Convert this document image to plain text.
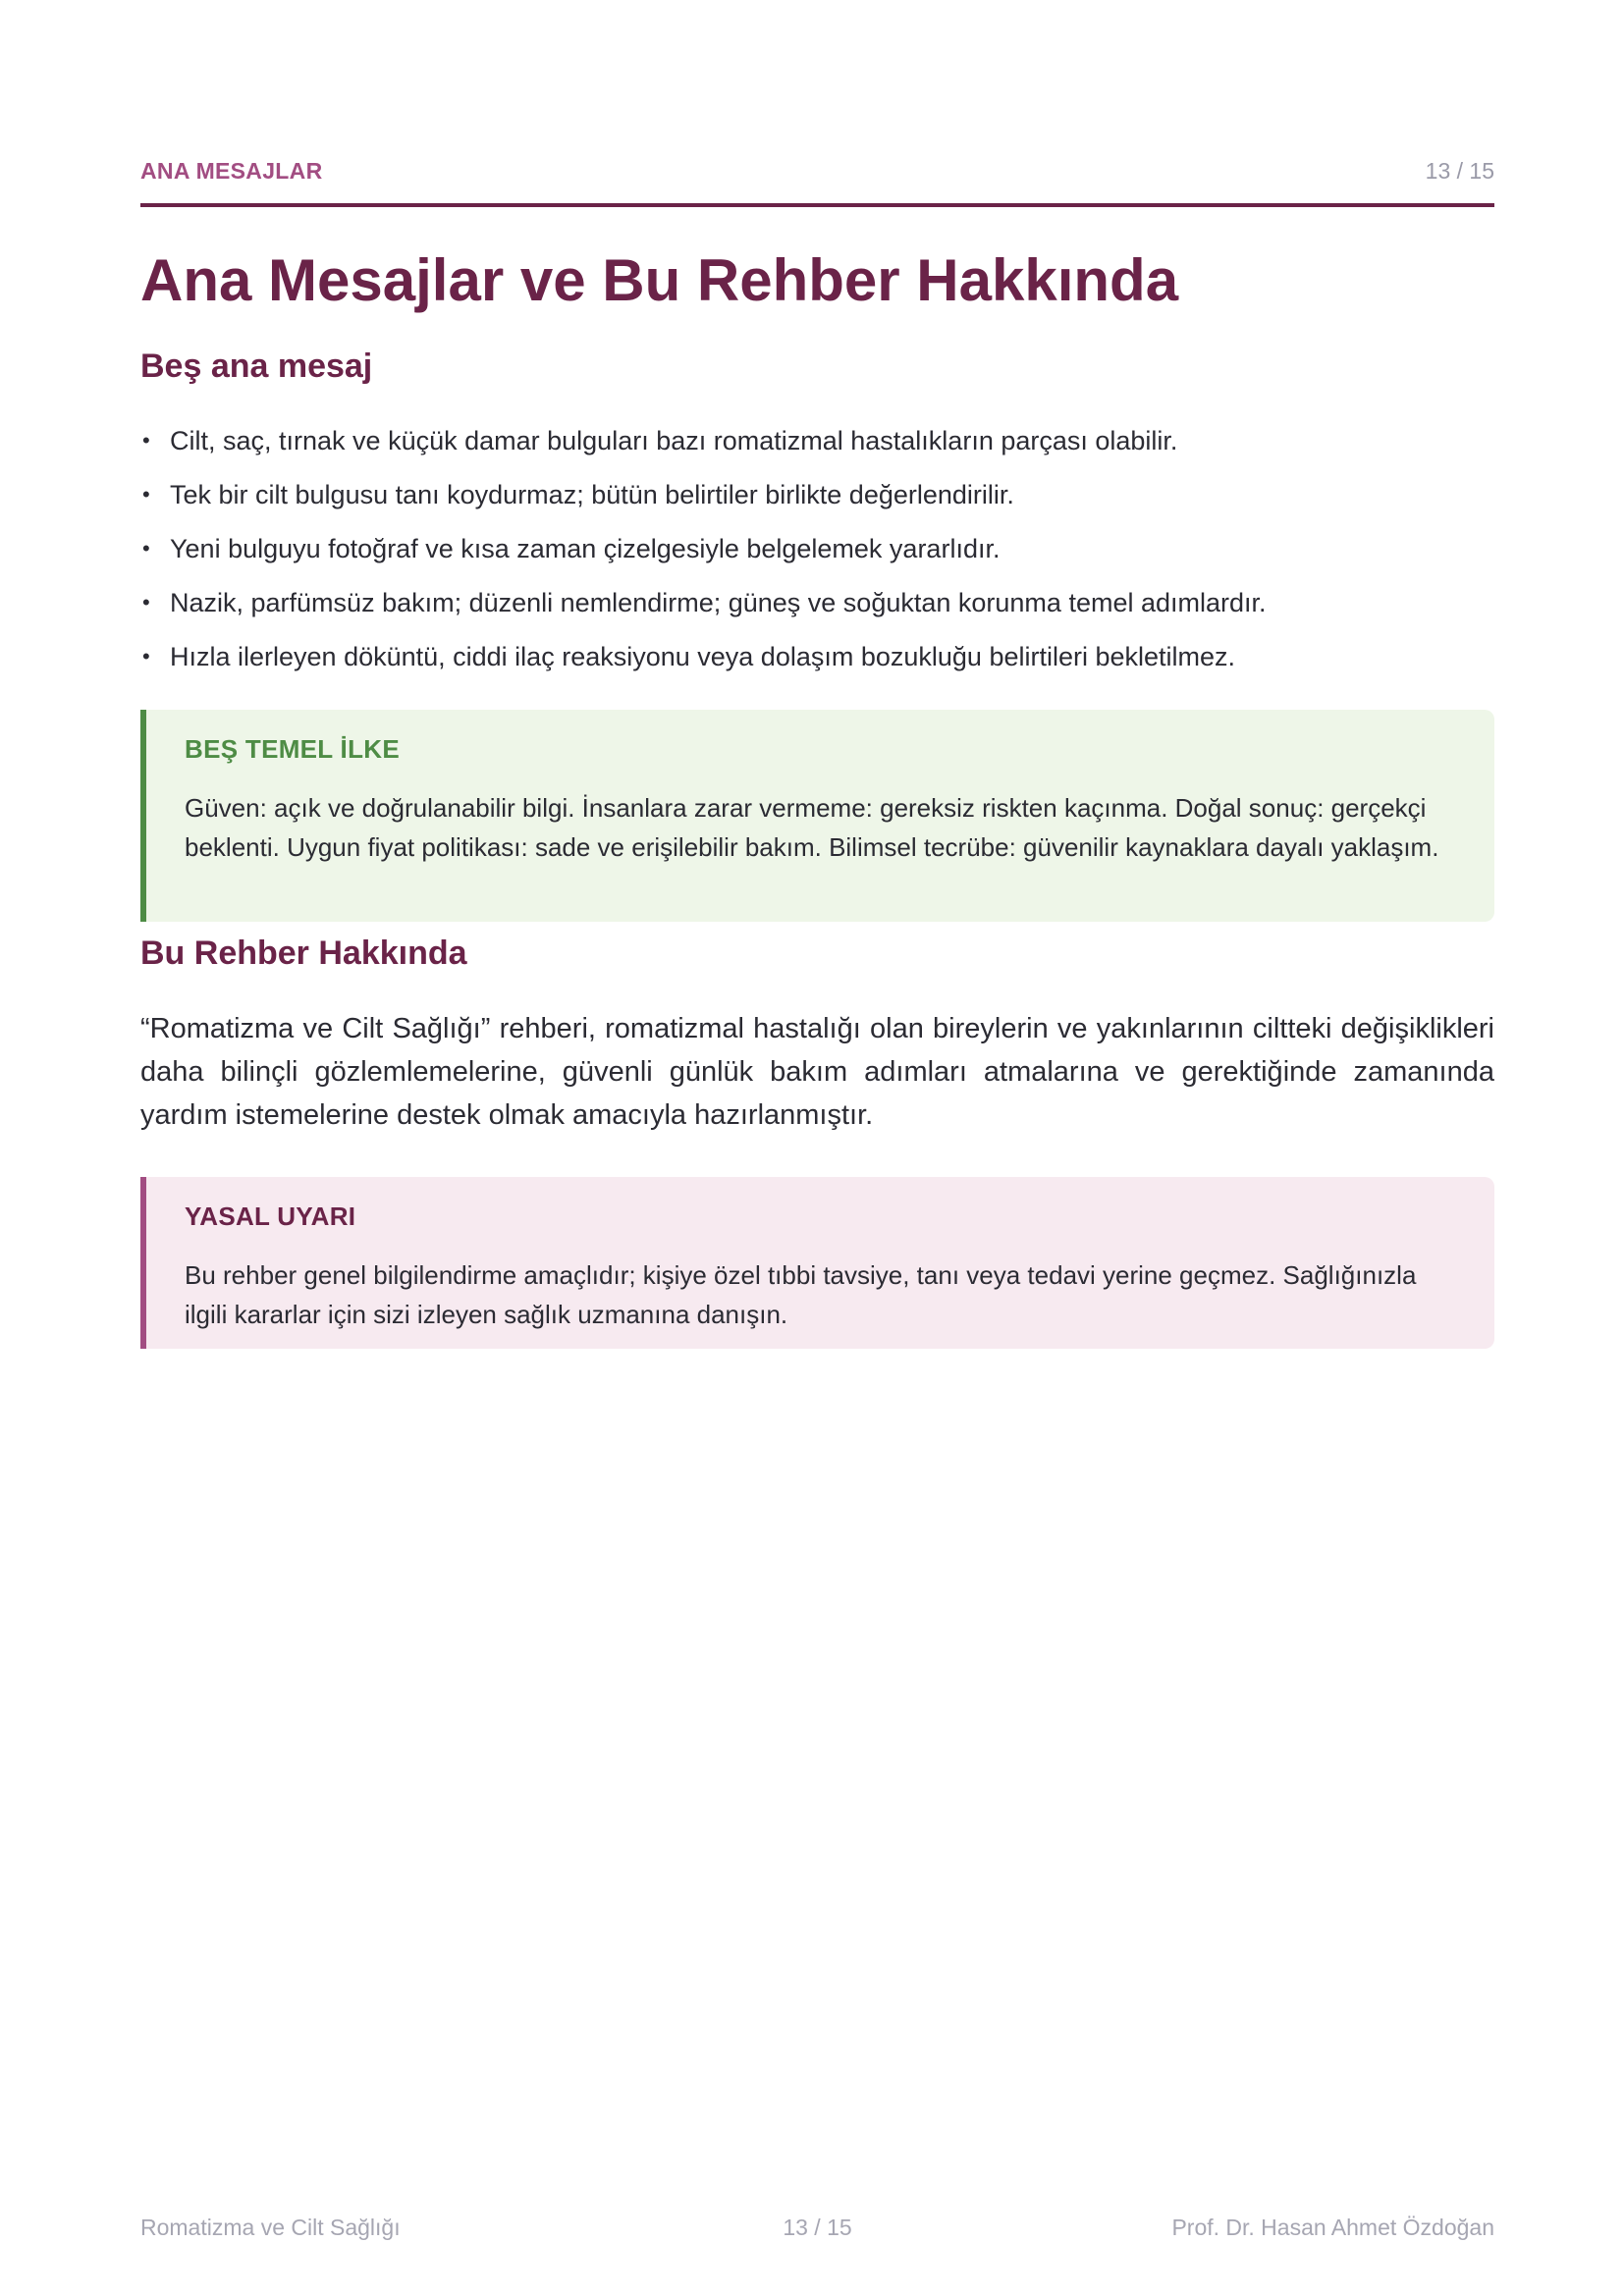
ANA MESAJLAR	13 / 15
Ana Mesajlar ve Bu Rehber Hakkında
Beş ana mesaj
• Cilt, saç, tırnak ve küçük damar bulguları bazı romatizmal hastalıkların parçası olabilir.
• Tek bir cilt bulgusu tanı koydurmaz; bütün belirtiler birlikte değerlendirilir.
• Yeni bulguyu fotoğraf ve kısa zaman çizelgesiyle belgelemek yararlıdır.
• Nazik, parfümsüz bakım; düzenli nemlendirme; güneş ve soğuktan korunma temel adımlardır.
• Hızla ilerleyen döküntü, ciddi ilaç reaksiyonu veya dolaşım bozukluğu belirtileri bekletilmez.
BEŞ TEMEL İLKE
Güven: açık ve doğrulanabilir bilgi. İnsanlara zarar vermeme: gereksiz riskten kaçınma. Doğal sonuç: gerçekçi beklenti. Uygun fiyat politikası: sade ve erişilebilir bakım. Bilimsel tecrübe: güvenilir kaynaklara dayalı yaklaşım.
Bu Rehber Hakkında

“Romatizma ve Cilt Sağlığı” rehberi, romatizmal hastalığı olan bireylerin ve yakınlarının ciltteki değişiklikleri daha bilinçli gözlemlemelerine, güvenli günlük bakım adımları atmalarına ve gerektiğinde zamanında yardım istemelerine destek olmak amacıyla hazırlanmıştır.

YASAL UYARI
Bu rehber genel bilgilendirme amaçlıdır; kişiye özel tıbbi tavsiye, tanı veya tedavi yerine geçmez. Sağlığınızla ilgili kararlar için sizi izleyen sağlık uzmanına danışın.
Romatizma ve Cilt Sağlığı	13 / 15	Prof. Dr. Hasan Ahmet Özdoğan
